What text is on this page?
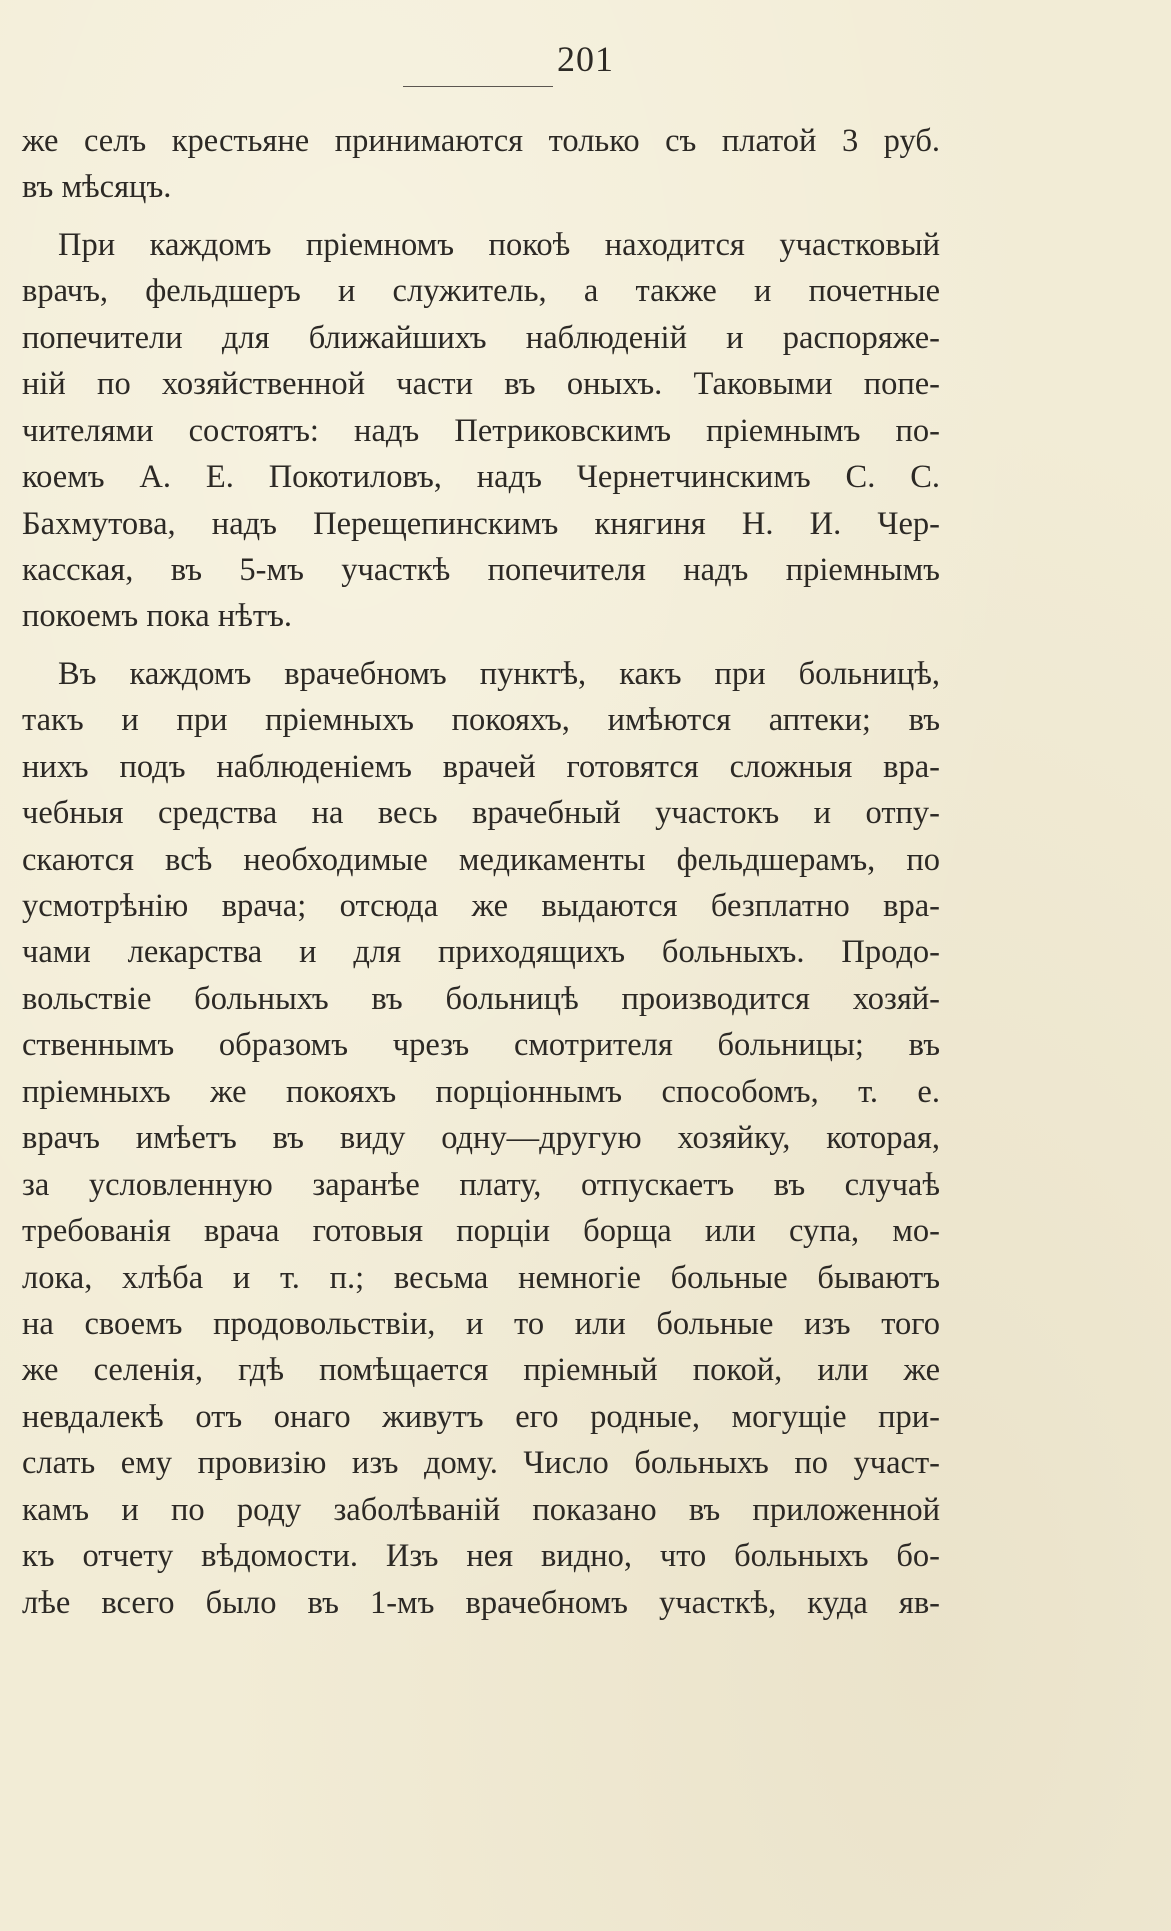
201
же селъ крестьяне принимаются только съ платой 3 руб.
въ мѣсяцъ.
При каждомъ пріемномъ покоѣ находится участковый
врачъ, фельдшеръ и служитель, а также и почетные
попечители для ближайшихъ наблюденій и распоряже-
ній по хозяйственной части въ оныхъ. Таковыми попе-
чителями состоятъ: надъ Петриковскимъ пріемнымъ по-
коемъ А. Е. Покотиловъ, надъ Чернетчинскимъ С. С.
Бахмутова, надъ Перещепинскимъ княгиня Н. И. Чер-
касская, въ 5-мъ участкѣ попечителя надъ пріемнымъ
покоемъ пока нѣтъ.
Въ каждомъ врачебномъ пунктѣ, какъ при больницѣ,
такъ и при пріемныхъ покояхъ, имѣются аптеки; въ
нихъ подъ наблюденіемъ врачей готовятся сложныя вра-
чебныя средства на весь врачебный участокъ и отпу-
скаются всѣ необходимые медикаменты фельдшерамъ, по
усмотрѣнію врача; отсюда же выдаются безплатно вра-
чами лекарства и для приходящихъ больныхъ. Продо-
вольствіе больныхъ въ больницѣ производится хозяй-
ственнымъ образомъ чрезъ смотрителя больницы; въ
пріемныхъ же покояхъ порціоннымъ способомъ, т. е.
врачъ имѣетъ въ виду одну—другую хозяйку, которая,
за условленную заранѣе плату, отпускаетъ въ случаѣ
требованія врача готовыя порціи борща или супа, мо-
лока, хлѣба и т. п.; весьма немногіе больные бываютъ
на своемъ продовольствіи, и то или больные изъ того
же селенія, гдѣ помѣщается пріемный покой, или же
невдалекѣ отъ онаго живутъ его родные, могущіе при-
слать ему провизію изъ дому. Число больныхъ по участ-
камъ и по роду заболѣваній показано въ приложенной
къ отчету вѣдомости. Изъ нея видно, что больныхъ бо-
лѣе всего было въ 1-мъ врачебномъ участкѣ, куда яв-
